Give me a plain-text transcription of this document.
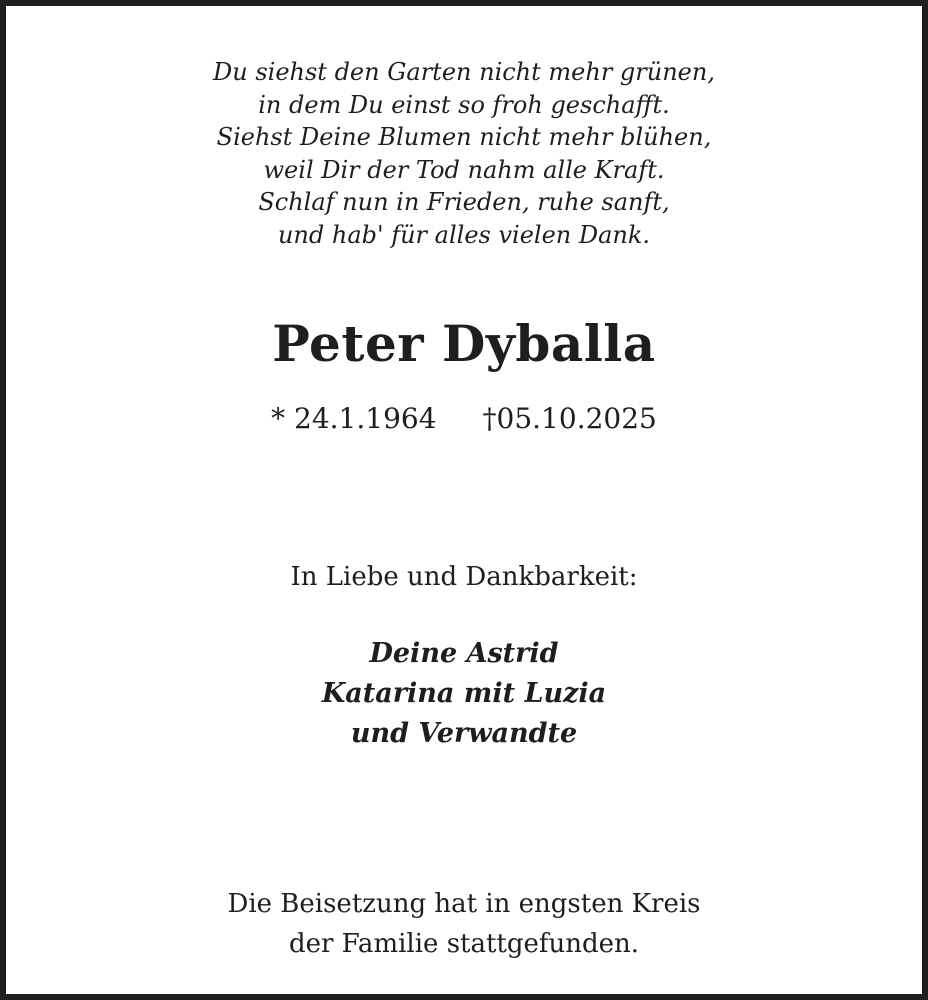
Du siehst den Garten nicht mehr grünen,
in dem Du einst so froh geschafft.
Siehst Deine Blumen nicht mehr blühen,
weil Dir der Tod nahm alle Kraft.
Schlaf nun in Frieden, ruhe sanft,
und hab' für alles vielen Dank.
Peter Dyballa
* 24.1.1964 †05.10.2025
In Liebe und Dankbarkeit:
Deine Astrid
Katarina mit Luzia
und Verwandte
Die Beisetzung hat in engsten Kreis
der Familie stattgefunden.
